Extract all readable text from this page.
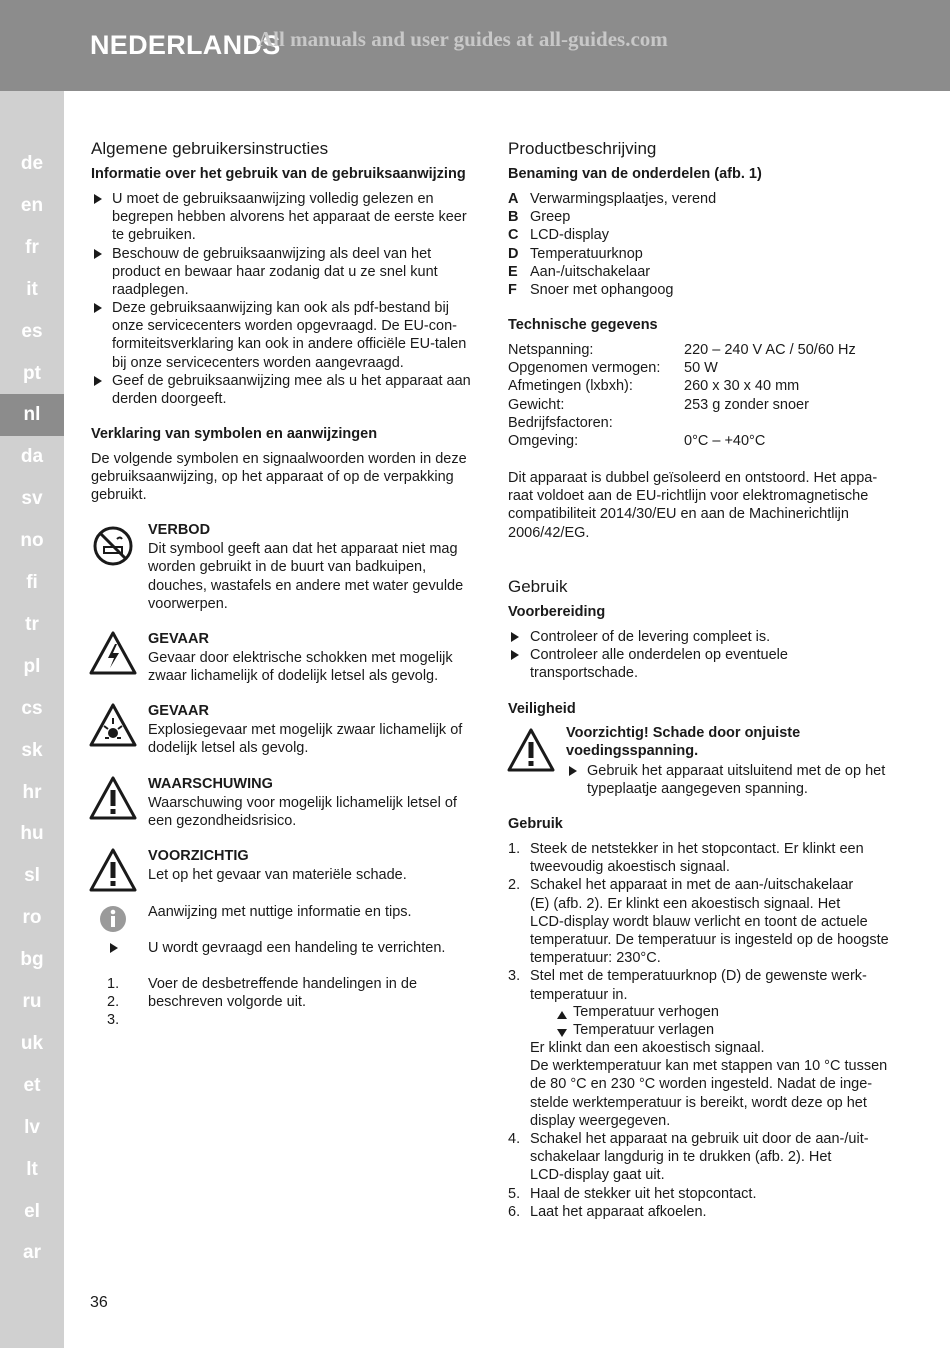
NEDERLANDS
All manuals and user guides at all-guides.com
de
en
fr
it
es
pt
nl
da
sv
no
fi
tr
pl
cs
sk
hr
hu
sl
ro
bg
ru
uk
et
lv
lt
el
ar
Algemene gebruikersinstructies
Informatie over het gebruik van de gebruiksaanwijzing
U moet de gebruiksaanwijzing volledig gelezen en
begrepen hebben alvorens het apparaat de eerste keer
te gebruiken.
Beschouw de gebruiksaanwijzing als deel van het
product en bewaar haar zodanig dat u ze snel kunt
raadplegen.
Deze gebruiksaanwijzing kan ook als pdf-bestand bij
onze servicecenters worden opgevraagd. De EU-con-
formiteitsverklaring kan ook in andere officiële EU-talen
bij onze servicecenters worden aangevraagd.
Geef de gebruiksaanwijzing mee als u het apparaat aan
derden doorgeeft.
Verklaring van symbolen en aanwijzingen
De volgende symbolen en signaalwoorden worden in deze
gebruiksaanwijzing, op het apparaat of op de verpakking
gebruikt.
VERBOD
Dit symbool geeft aan dat het apparaat niet mag
worden gebruikt in de buurt van badkuipen,
douches, wastafels en andere met water gevulde
voorwerpen.
GEVAAR
Gevaar door elektrische schokken met mogelijk
zwaar lichamelijk of dodelijk letsel als gevolg.
GEVAAR
Explosiegevaar met mogelijk zwaar lichamelijk of
dodelijk letsel als gevolg.
WAARSCHUWING
Waarschuwing voor mogelijk lichamelijk letsel of
een gezondheidsrisico.
VOORZICHTIG
Let op het gevaar van materiële schade.
Aanwijzing met nuttige informatie en tips.
U wordt gevraagd een handeling te verrichten.
1.
2.
3.
Voer de desbetreffende handelingen in de
beschreven volgorde uit.
Productbeschrijving
Benaming van de onderdelen (afb. 1)
A Verwarmingsplaatjes, verend
B Greep
C LCD-display
D Temperatuurknop
E Aan-/uitschakelaar
F Snoer met ophangoog
Technische gegevens
Netspanning:	220 – 240 V AC / 50/60 Hz
Opgenomen vermogen: 50 W
Afmetingen (lxbxh):	260 x 30 x 40 mm
Gewicht:	253 g zonder snoer
Bedrijfsfactoren:
Omgeving:	0°C – +40°C
Dit apparaat is dubbel geïsoleerd en ontstoord. Het appa-
raat voldoet aan de EU-richtlijn voor elektromagnetische
compatibiliteit 2014/30/EU en aan de Machinerichtlijn
2006/42/EG.
Gebruik
Voorbereiding
Controleer of de levering compleet is.
Controleer alle onderdelen op eventuele
transportschade.
Veiligheid
Voorzichtig! Schade door onjuiste
voedingsspanning.
Gebruik het apparaat uitsluitend met de op het
typeplaatje aangegeven spanning.
Gebruik
1. Steek de netstekker in het stopcontact. Er klinkt een
tweevoudig akoestisch signaal.
2. Schakel het apparaat in met de aan-/uitschakelaar
(E) (afb. 2). Er klinkt een akoestisch signaal. Het
LCD-display wordt blauw verlicht en toont de actuele
temperatuur. De temperatuur is ingesteld op de hoogste
temperatuur: 230°C.
3. Stel met de temperatuurknop (D) de gewenste werk-
temperatuur in.
Temperatuur verhogen
Temperatuur verlagen
Er klinkt dan een akoestisch signaal.
De werktemperatuur kan met stappen van 10 °C tussen
de 80 °C en 230 °C worden ingesteld. Nadat de inge-
stelde werktemperatuur is bereikt, wordt deze op het
display weergegeven.
4. Schakel het apparaat na gebruik uit door de aan-/uit-
schakelaar langdurig in te drukken (afb. 2). Het
LCD-display gaat uit.
5. Haal de stekker uit het stopcontact.
6. Laat het apparaat afkoelen.
36
